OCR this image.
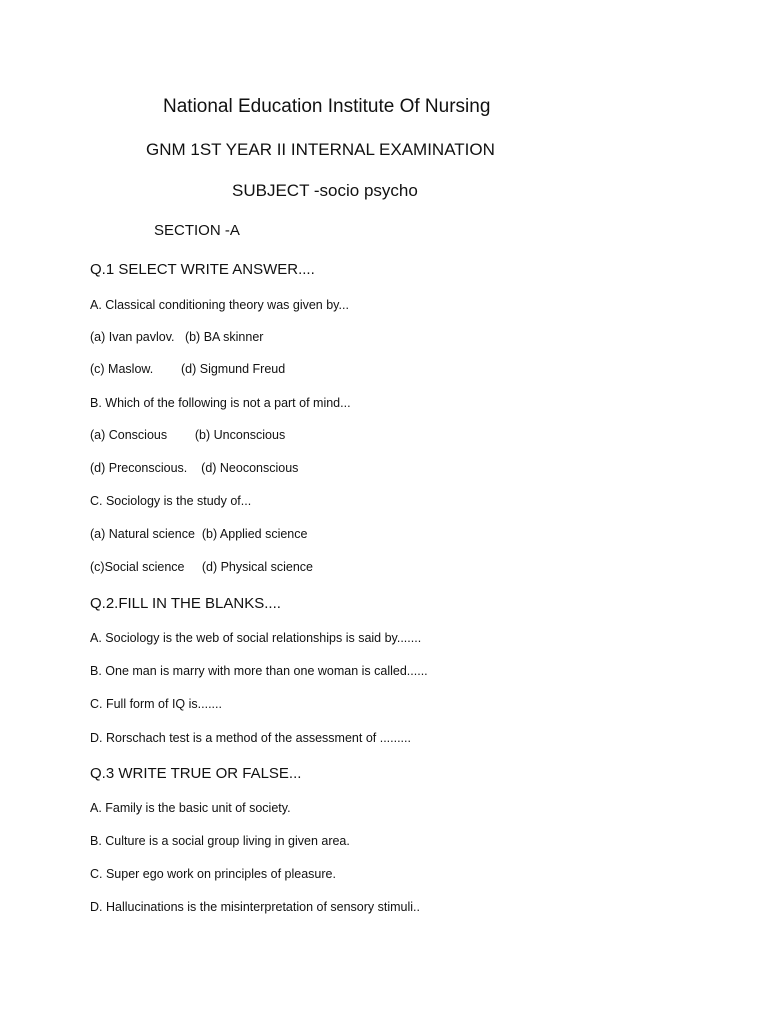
National Education Institute Of Nursing
GNM 1ST YEAR II INTERNAL EXAMINATION
SUBJECT -socio psycho
SECTION -A
Q.1 SELECT WRITE ANSWER....
A. Classical conditioning theory was given by...
(a) Ivan pavlov.   (b) BA skinner
(c) Maslow.        (d) Sigmund Freud
B. Which of the following is not a part of mind...
(a) Conscious        (b) Unconscious
(d) Preconscious.    (d) Neoconscious
C. Sociology is the study of...
(a) Natural science  (b) Applied science
(c)Social science     (d) Physical science
Q.2.FILL IN THE BLANKS....
A. Sociology is the web of social relationships is said by.......
B. One man is marry with more than one woman is called......
C. Full form of IQ is.......
D. Rorschach test is a method of the assessment of .........
Q.3 WRITE TRUE OR FALSE...
A. Family is the basic unit of society.
B. Culture is a social group living in given area.
C. Super ego work on principles of pleasure.
D. Hallucinations is the misinterpretation of sensory stimuli..
